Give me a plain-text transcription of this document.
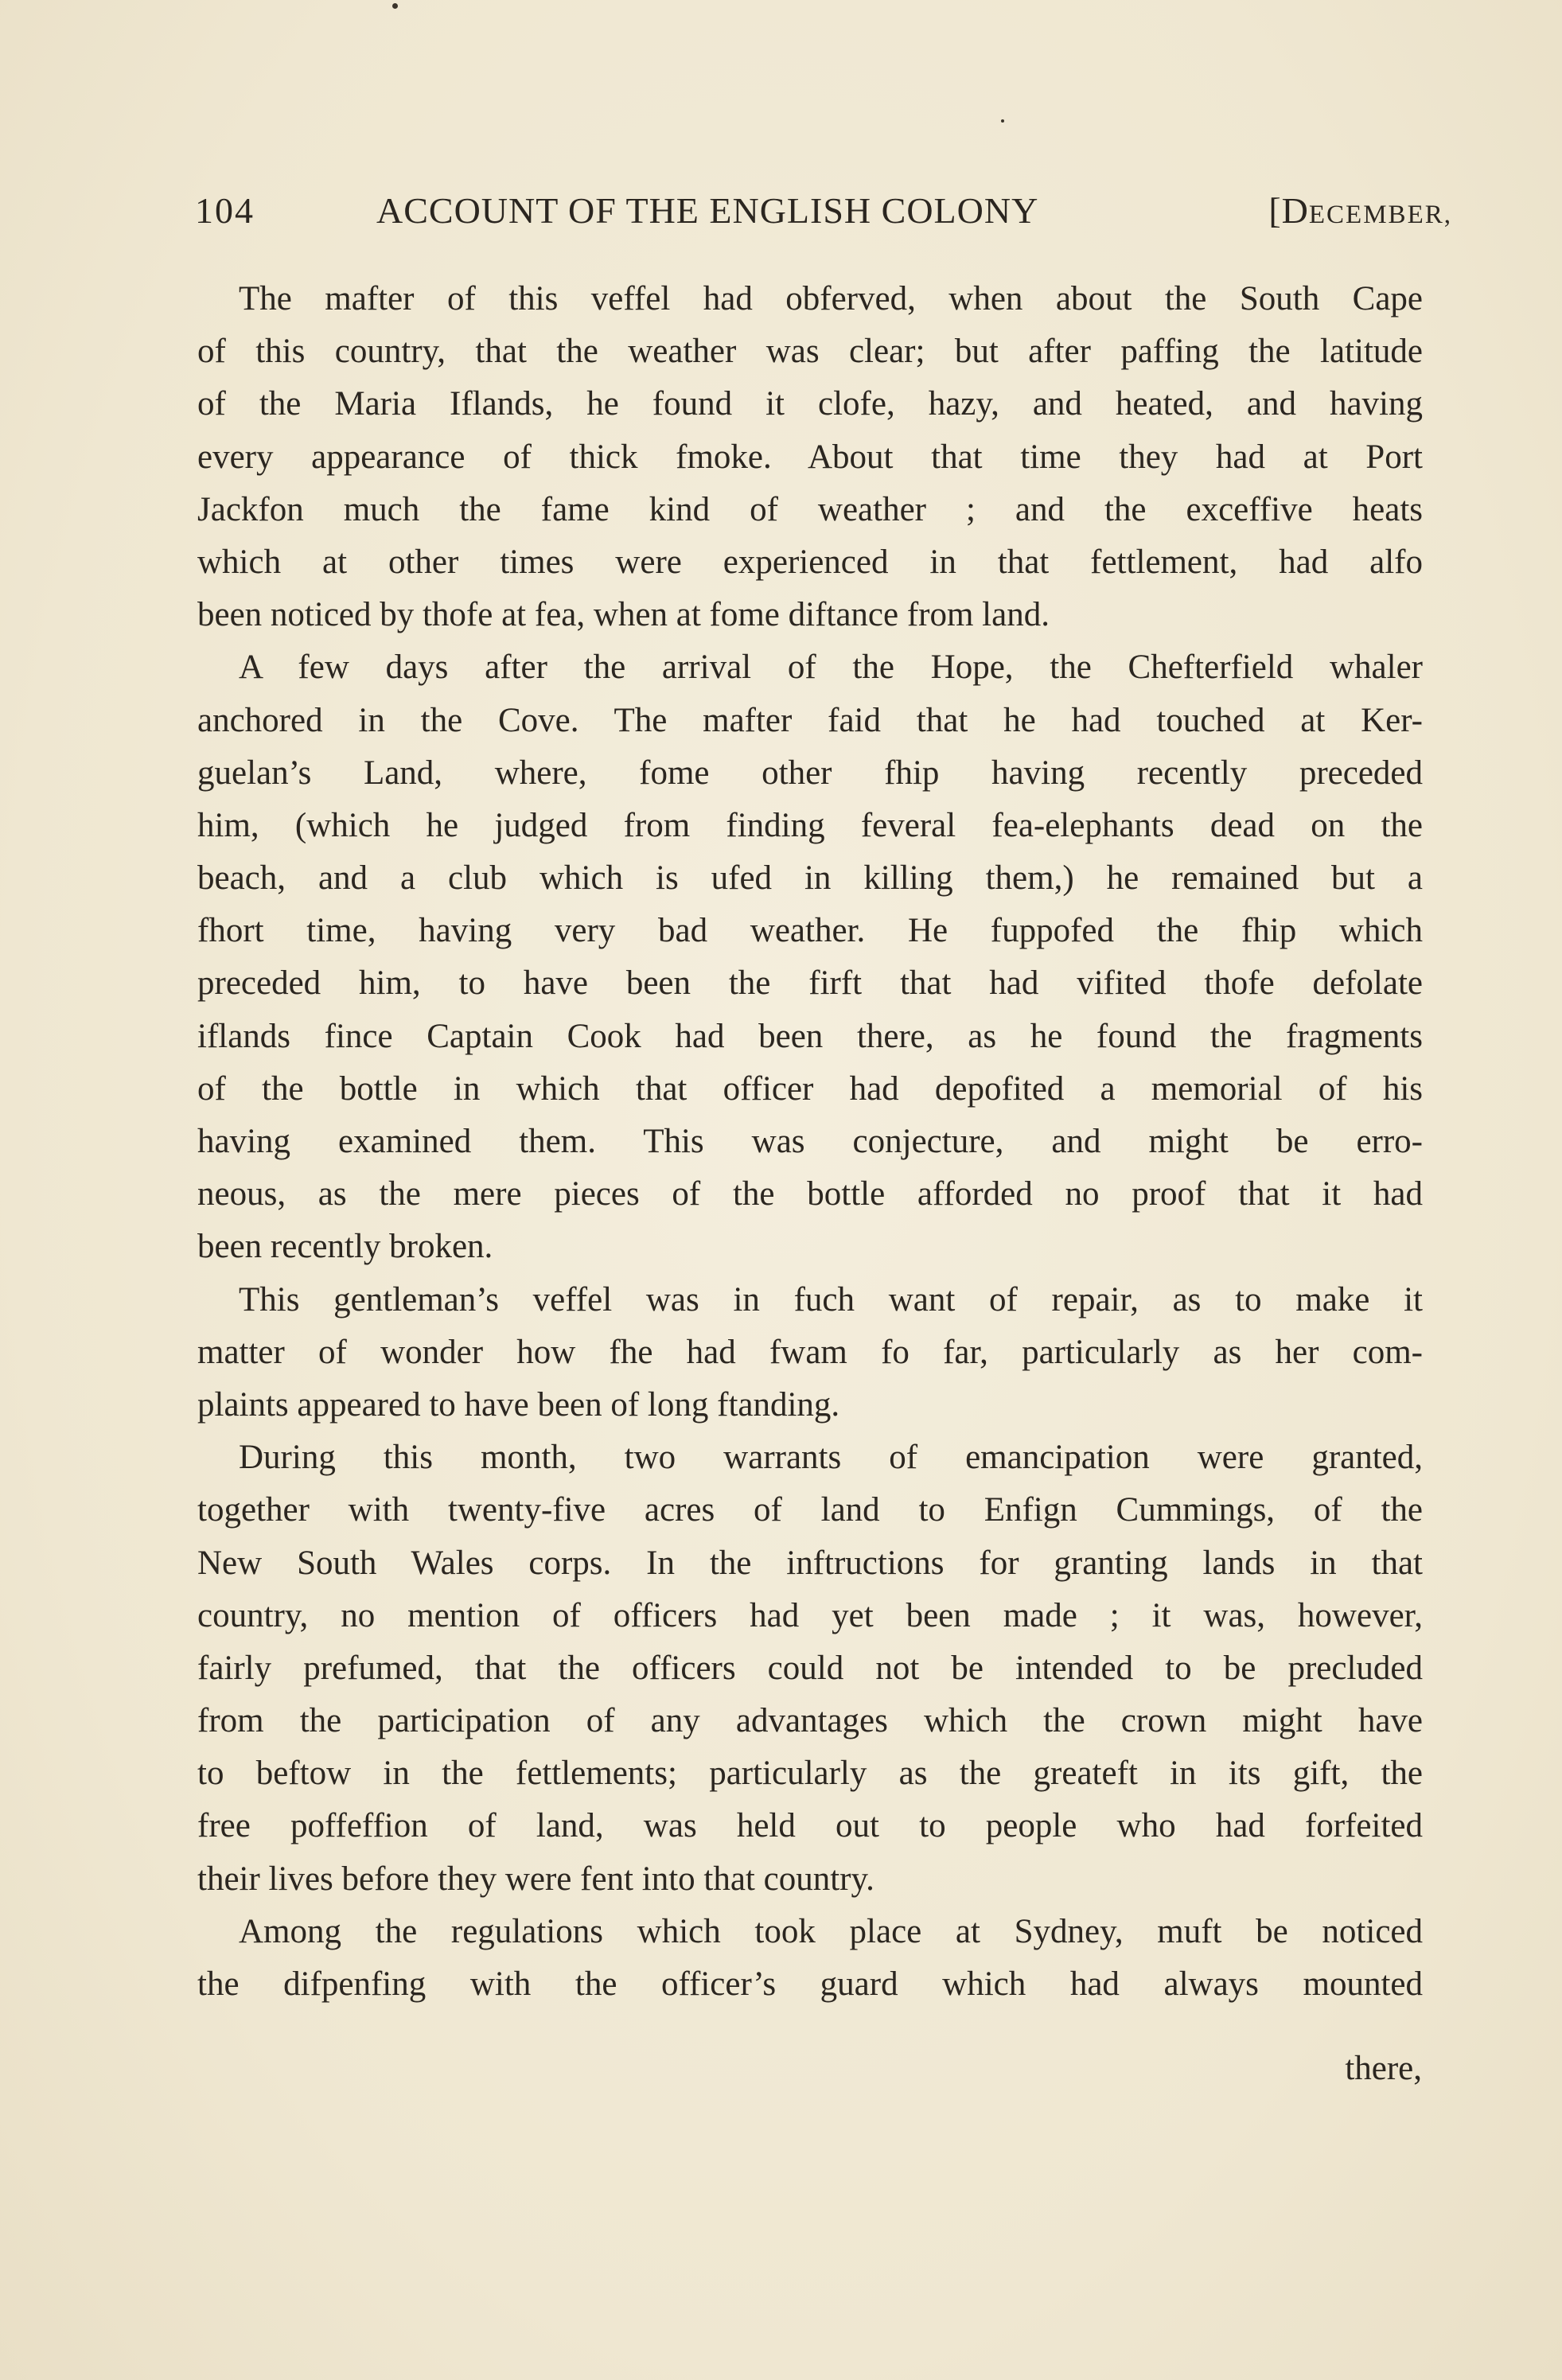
104	ACCOUNT OF THE ENGLISH COLONY	[DECEMBER,

The mafter of this veffel had obferved, when about the South Cape
of this country, that the weather was clear; but after paffing the latitude
of the Maria Iflands, he found it clofe, hazy, and heated, and having
every appearance of thick fmoke. About that time they had at Port
Jackfon much the fame kind of weather ; and the exceffive heats
which at other times were experienced in that fettlement, had alfo
been noticed by thofe at fea, when at fome diftance from land.

A few days after the arrival of the Hope, the Chefterfield whaler
anchored in the Cove. The mafter faid that he had touched at Ker-
guelan’s Land, where, fome other fhip having recently preceded
him, (which he judged from finding feveral fea-elephants dead on the
beach, and a club which is ufed in killing them,) he remained but a
fhort time, having very bad weather. He fuppofed the fhip which
preceded him, to have been the firft that had vifited thofe defolate
iflands fince Captain Cook had been there, as he found the fragments
of the bottle in which that officer had depofited a memorial of his
having examined them. This was conjecture, and might be erro-
neous, as the mere pieces of the bottle afforded no proof that it had
been recently broken.

This gentleman’s veffel was in fuch want of repair, as to make it
matter of wonder how fhe had fwam fo far, particularly as her com-
plaints appeared to have been of long ftanding.

During this month, two warrants of emancipation were granted,
together with twenty-five acres of land to Enfign Cummings, of the
New South Wales corps. In the inftructions for granting lands in that
country, no mention of officers had yet been made ; it was, however,
fairly prefumed, that the officers could not be intended to be precluded
from the participation of any advantages which the crown might have
to beftow in the fettlements; particularly as the greateft in its gift, the
free poffeffion of land, was held out to people who had forfeited
their lives before they were fent into that country.

Among the regulations which took place at Sydney, muft be noticed
the difpenfing with the officer’s guard which had always mounted

there,
